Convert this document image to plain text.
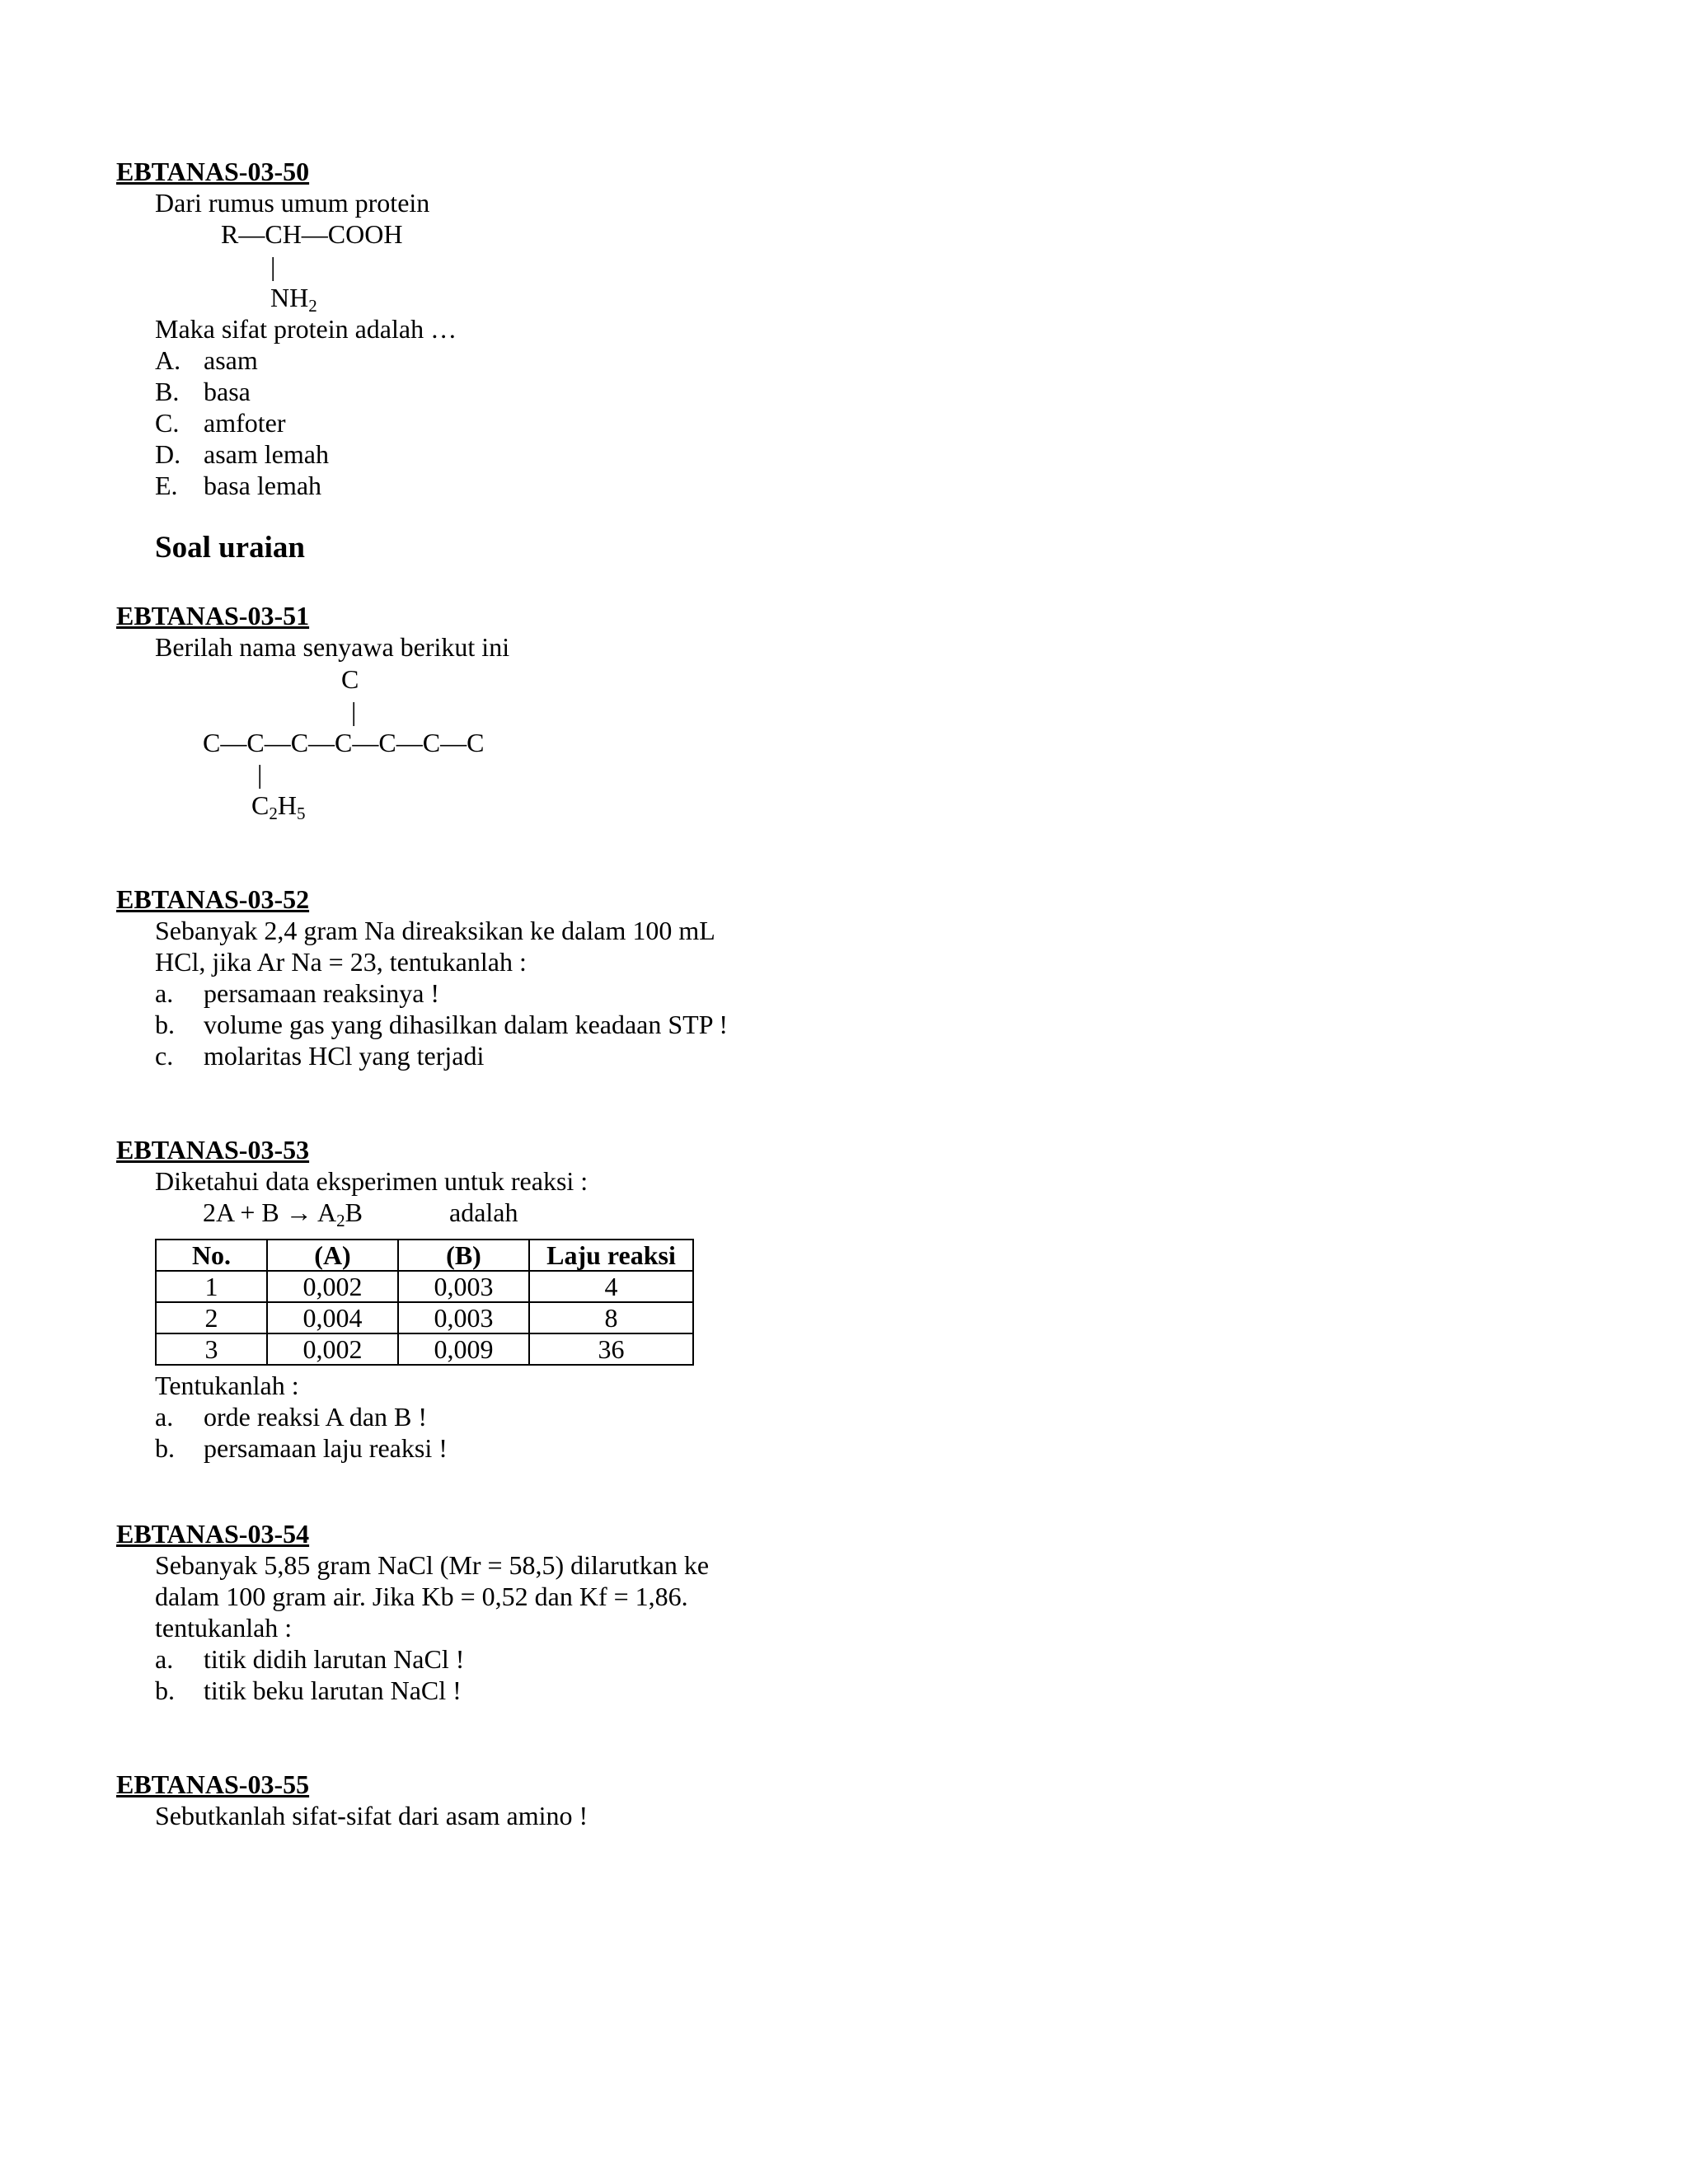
EBTANAS-03-50
Dari rumus umum protein
R—CH—COOH
|
$NH_2$
Maka sifat protein adalah …
A. asam
B. basa
C. amfoter
D. asam lemah
E. basa lemah
Soal uraian
EBTANAS-03-51
Berilah nama senyawa berikut ini
C
|
C—C—C—C—C—C—C
|
$C_2H_5$
EBTANAS-03-52
Sebanyak 2,4 gram Na direaksikan ke dalam 100 mL
HCl, jika Ar Na = 23, tentukanlah :
a. persamaan reaksinya !
b. volume gas yang dihasilkan dalam keadaan STP !
c. molaritas HCl yang terjadi
EBTANAS-03-53
Diketahui data eksperimen untuk reaksi :
$2A + B \to A_2B$	adalah
No.	(A)	(B)	Laju reaksi
1	0,002	0,003	4
2	0,004	0,003	8
3	0,002	0,009	36
Tentukanlah :
a. orde reaksi A dan B !
b. persamaan laju reaksi !
EBTANAS-03-54
Sebanyak 5,85 gram NaCl (Mr = 58,5) dilarutkan ke
dalam 100 gram air. Jika Kb = 0,52 dan Kf = 1,86.
tentukanlah :
a. titik didih larutan NaCl !
b. titik beku larutan NaCl !
EBTANAS-03-55
Sebutkanlah sifat-sifat dari asam amino !
